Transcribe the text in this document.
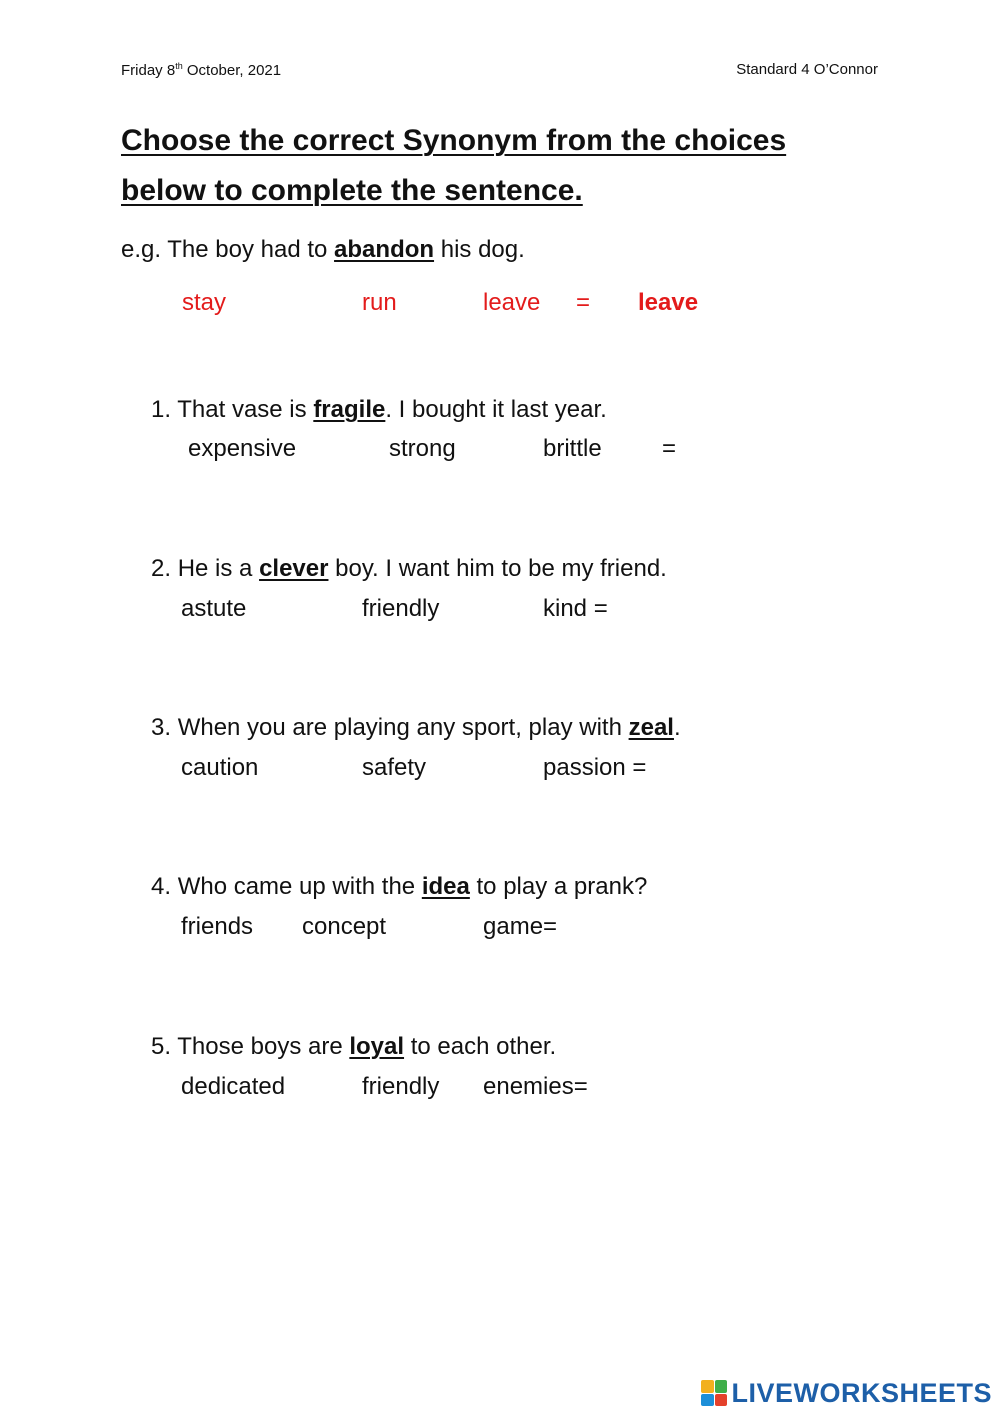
Friday 8th October, 2021	Standard 4 O’Connor
Choose the correct Synonym from the choices
below to complete the sentence.
e.g. The boy had to abandon his dog.
stay	run	leave = leave
1. That vase is fragile. I bought it last year.
expensive	strong	brittle	=
2. He is a clever boy. I want him to be my friend.
astute	friendly	kind =
3. When you are playing any sport, play with zeal.
caution	safety	passion =
4. Who came up with the idea to play a prank?
friends concept	game=
5. Those boys are loyal to each other.
dedicated	friendly enemies=
LIVEWORKSHEETS
